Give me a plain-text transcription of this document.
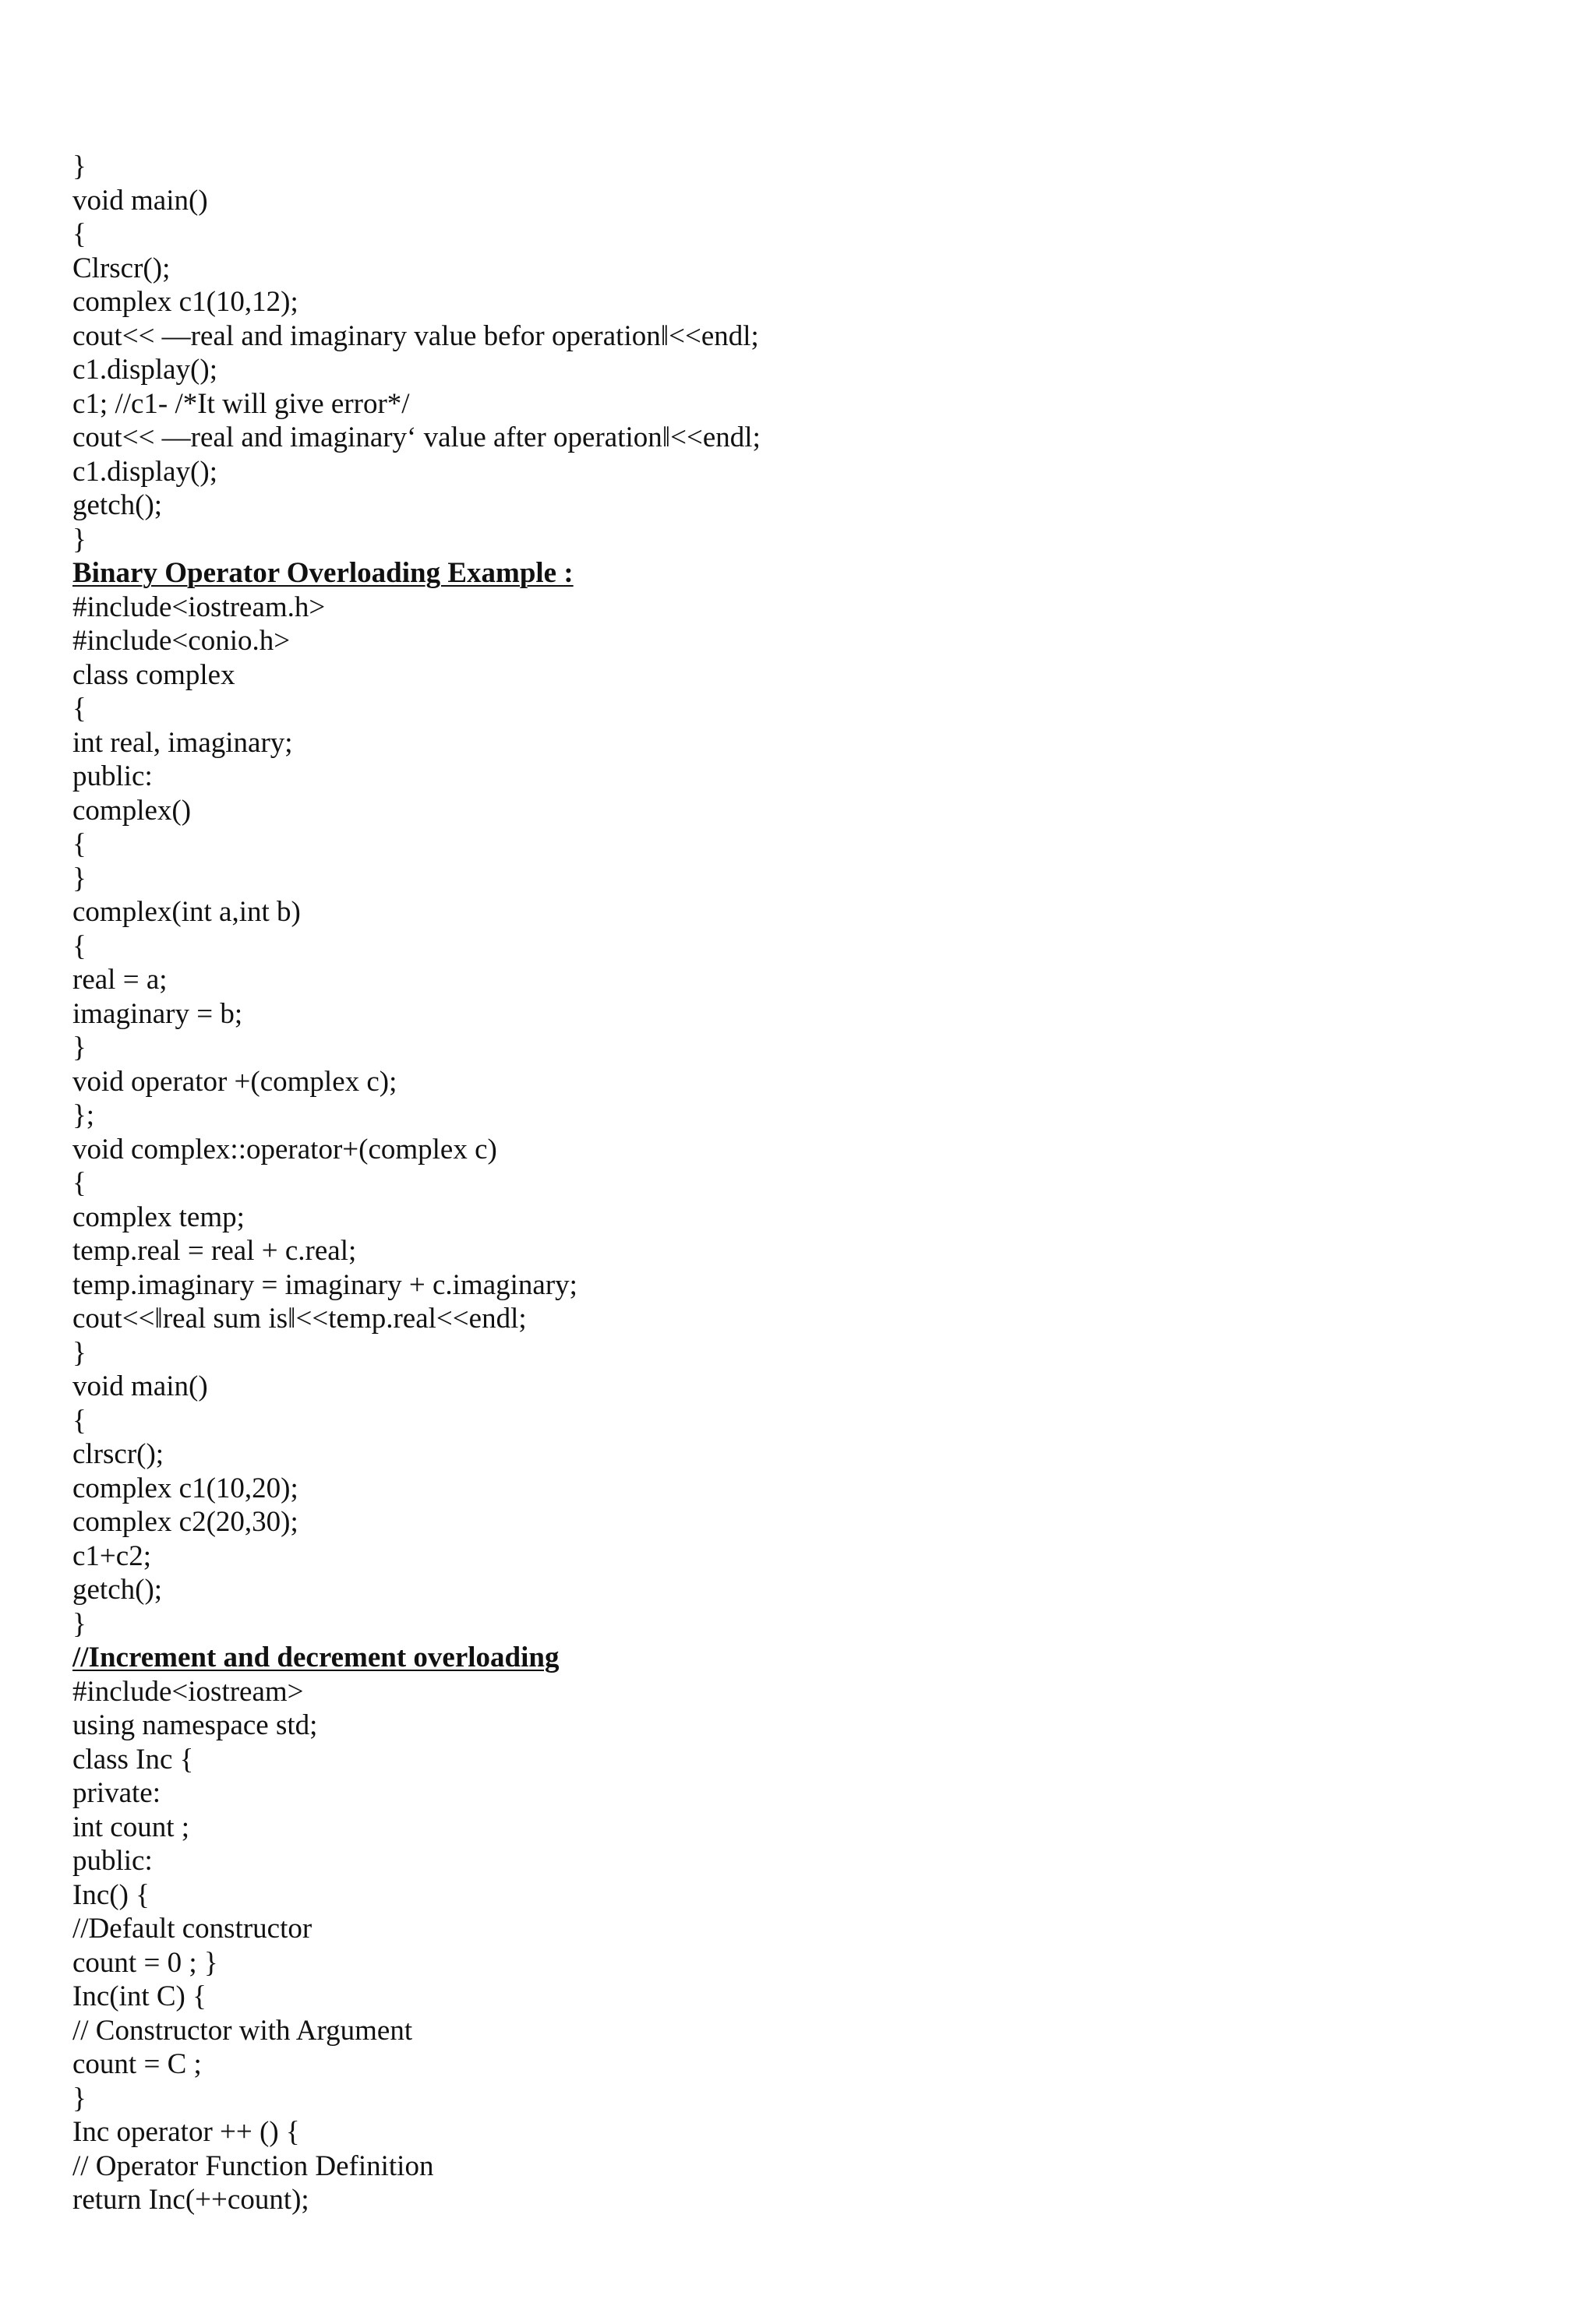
}
void main()
{
Clrscr();
complex c1(10,12);
cout<< —real and imaginary value befor operation‖<<endl;
c1.display();
c1; //c1- /*It will give error*/
cout<< —real and imaginary‘ value after operation‖<<endl;
c1.display();
getch();
}
Binary Operator Overloading Example :
#include<iostream.h>
#include<conio.h>
class complex
{
int real, imaginary;
public:
complex()
{
}
complex(int a,int b)
{
real = a;
imaginary = b;
}
void operator +(complex c);
};
void complex::operator+(complex c)
{
complex temp;
temp.real = real + c.real;
temp.imaginary = imaginary + c.imaginary;
cout<<‖real sum is‖<<temp.real<<endl;
}
void main()
{
clrscr();
complex c1(10,20);
complex c2(20,30);
c1+c2;
getch();
}
//Increment and decrement overloading
#include<iostream>
using namespace std;
class Inc {
private:
int count ;
public:
Inc() {
//Default constructor
count = 0 ; }
Inc(int C) {
// Constructor with Argument
count = C ;
}
Inc operator ++ () {
// Operator Function Definition
return Inc(++count);
